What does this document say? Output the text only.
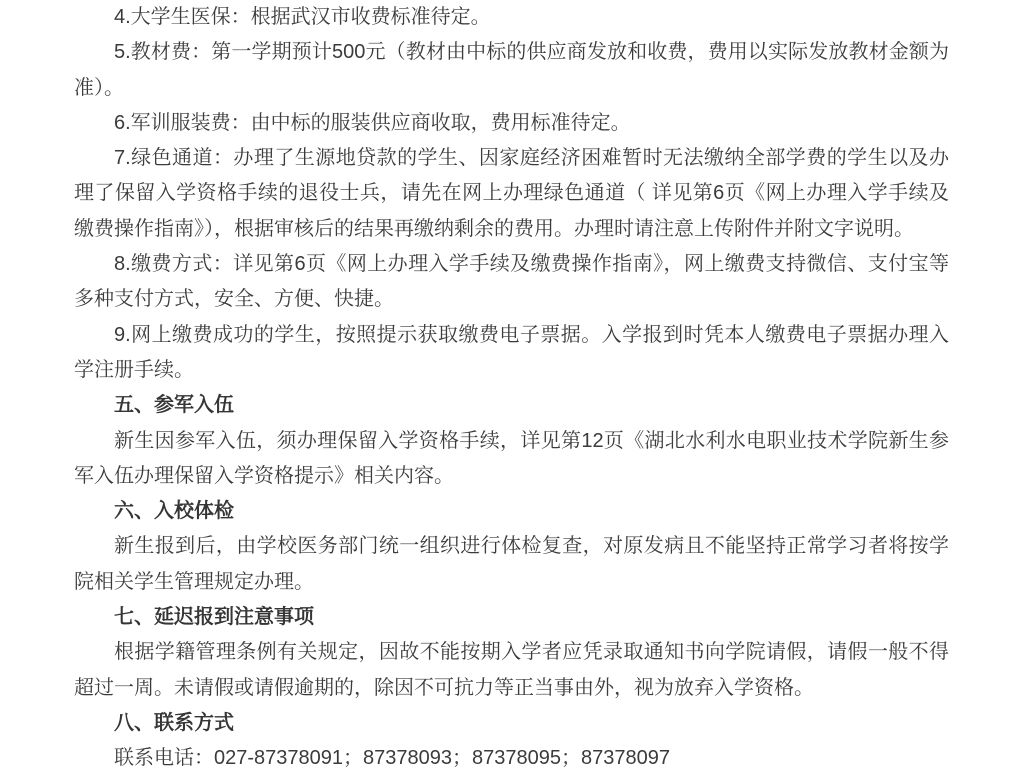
4.大学生医保：根据武汉市收费标准待定。

5.教材费：第一学期预计500元（教材由中标的供应商发放和收费，费用以实际发放教材金额为准）。

6.军训服装费：由中标的服装供应商收取，费用标准待定。

7.绿色通道：办理了生源地贷款的学生、因家庭经济困难暂时无法缴纳全部学费的学生以及办理了保留入学资格手续的退役士兵，请先在网上办理绿色通道（ 详见第6页《网上办理入学手续及缴费操作指南》），根据审核后的结果再缴纳剩余的费用。办理时请注意上传附件并附文字说明。

8.缴费方式：详见第6页《网上办理入学手续及缴费操作指南》，网上缴费支持微信、支付宝等多种支付方式，安全、方便、快捷。

9.网上缴费成功的学生，按照提示获取缴费电子票据。入学报到时凭本人缴费电子票据办理入学注册手续。

五、参军入伍

新生因参军入伍，须办理保留入学资格手续，详见第12页《湖北水利水电职业技术学院新生参军入伍办理保留入学资格提示》相关内容。

六、入校体检

新生报到后，由学校医务部门统一组织进行体检复查，对原发病且不能坚持正常学习者将按学院相关学生管理规定办理。

七、延迟报到注意事项

根据学籍管理条例有关规定，因故不能按期入学者应凭录取通知书向学院请假，请假一般不得超过一周。未请假或请假逾期的，除因不可抗力等正当事由外，视为放弃入学资格。

八、联系方式

联系电话：027-87378091；87378093；87378095；87378097
